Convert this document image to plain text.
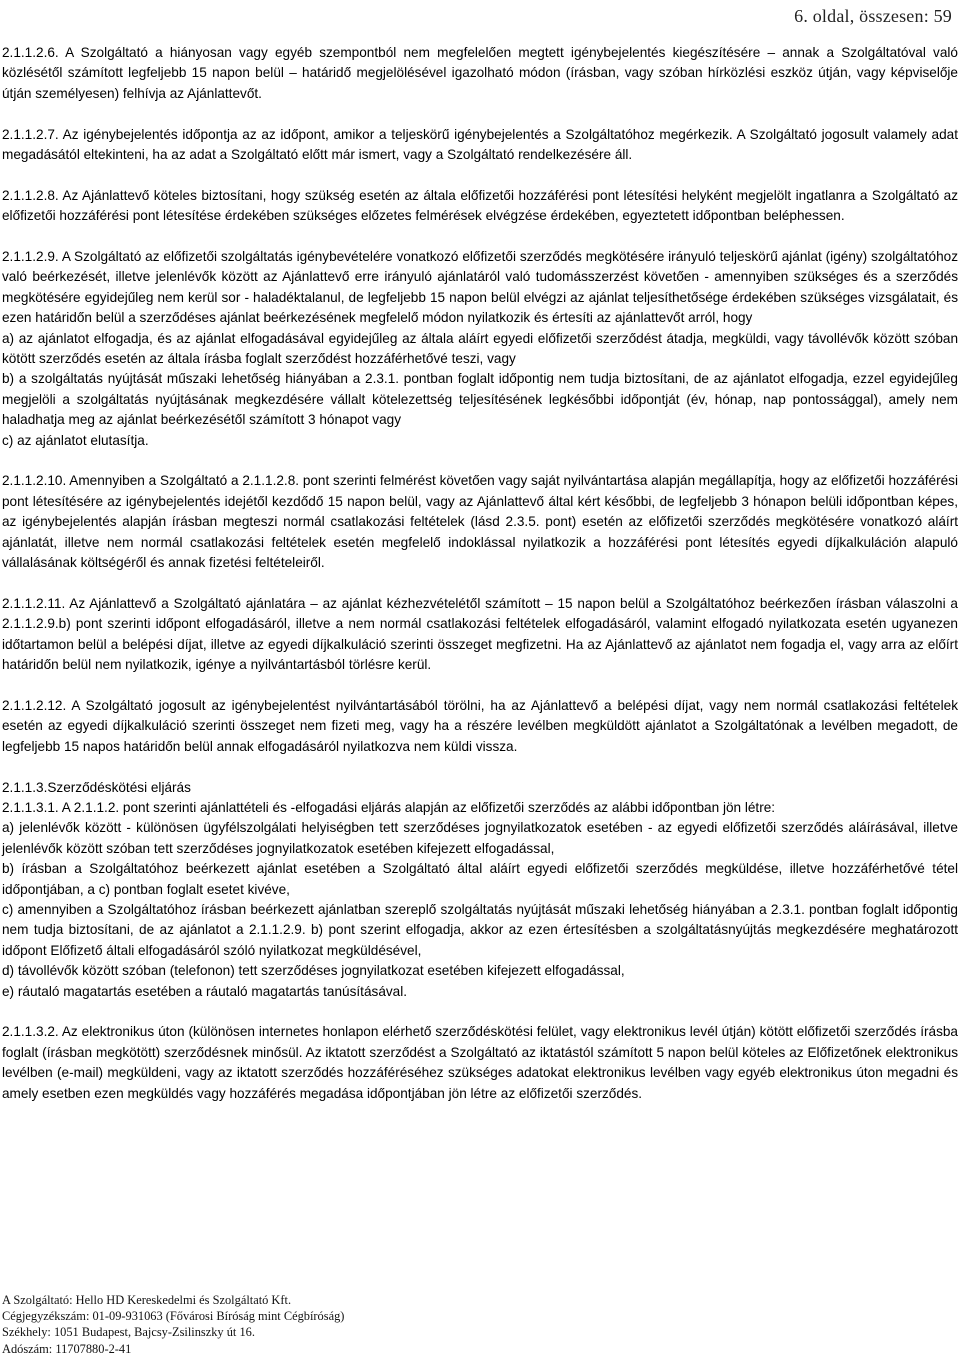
6. oldal, összesen: 59

2.1.1.2.6. A Szolgáltató a hiányosan vagy egyéb szempontból nem megfelelően megtett igénybejelentés kiegészítésére – annak a Szolgáltatóval való közlésétől számított legfeljebb 15 napon belül – határidő megjelölésével igazolható módon (írásban, vagy szóban hírközlési eszköz útján, vagy képviselője útján személyesen) felhívja az Ajánlattevőt.

2.1.1.2.7. Az igénybejelentés időpontja az az időpont, amikor a teljeskörű igénybejelentés a Szolgáltatóhoz megérkezik. A Szolgáltató jogosult valamely adat megadásától eltekinteni, ha az adat a Szolgáltató előtt már ismert, vagy a Szolgáltató rendelkezésére áll.

2.1.1.2.8. Az Ajánlattevő köteles biztosítani, hogy szükség esetén az általa előfizetői hozzáférési pont létesítési helyként megjelölt ingatlanra a Szolgáltató az előfizetői hozzáférési pont létesítése érdekében szükséges előzetes felmérések elvégzése érdekében, egyeztetett időpontban beléphessen.

2.1.1.2.9. A Szolgáltató az előfizetői szolgáltatás igénybevételére vonatkozó előfizetői szerződés megkötésére irányuló teljeskörű ajánlat (igény) szolgáltatóhoz való beérkezését, illetve jelenlévők között az Ajánlattevő erre irányuló ajánlatáról való tudomásszerzést követően - amennyiben szükséges és a szerződés megkötésére egyidejűleg nem kerül sor - haladéktalanul, de legfeljebb 15 napon belül elvégzi az ajánlat teljesíthetősége érdekében szükséges vizsgálatait, és ezen határidőn belül a szerződéses ajánlat beérkezésének megfelelő módon nyilatkozik és értesíti az ajánlattevőt arról, hogy

a) az ajánlatot elfogadja, és az ajánlat elfogadásával egyidejűleg az általa aláírt egyedi előfizetői szerződést átadja, megküldi, vagy távollévők között szóban kötött szerződés esetén az általa írásba foglalt szerződést hozzáférhetővé teszi, vagy

b) a szolgáltatás nyújtását műszaki lehetőség hiányában a 2.3.1. pontban foglalt időpontig nem tudja biztosítani, de az ajánlatot elfogadja, ezzel egyidejűleg megjelöli a szolgáltatás nyújtásának megkezdésére vállalt kötelezettség teljesítésének legkésőbbi időpontját (év, hónap, nap pontossággal), amely nem haladhatja meg az ajánlat beérkezésétől számított 3 hónapot vagy

c) az ajánlatot elutasítja.

2.1.1.2.10. Amennyiben a Szolgáltató a 2.1.1.2.8. pont szerinti felmérést követően vagy saját nyilvántartása alapján megállapítja, hogy az előfizetői hozzáférési pont létesítésére az igénybejelentés idejétől kezdődő 15 napon belül, vagy az Ajánlattevő által kért későbbi, de legfeljebb 3 hónapon belüli időpontban képes, az igénybejelentés alapján írásban megteszi normál csatlakozási feltételek (lásd 2.3.5. pont) esetén az előfizetői szerződés megkötésére vonatkozó aláírt ajánlatát, illetve nem normál csatlakozási feltételek esetén megfelelő indoklással nyilatkozik a hozzáférési pont létesítés egyedi díjkalkuláción alapuló vállalásának költségéről és annak fizetési feltételeiről.

2.1.1.2.11. Az Ajánlattevő a Szolgáltató ajánlatára – az ajánlat kézhezvételétől számított – 15 napon belül a Szolgáltatóhoz beérkezően írásban válaszolni a 2.1.1.2.9.b) pont szerinti időpont elfogadásáról, illetve a nem normál csatlakozási feltételek elfogadásáról, valamint elfogadó nyilatkozata esetén ugyanezen időtartamon belül a belépési díjat, illetve az egyedi díjkalkuláció szerinti összeget megfizetni. Ha az Ajánlattevő az ajánlatot nem fogadja el, vagy arra az előírt határidőn belül nem nyilatkozik, igénye a nyilvántartásból törlésre kerül.

2.1.1.2.12. A Szolgáltató jogosult az igénybejelentést nyilvántartásából törölni, ha az Ajánlattevő a belépési díjat, vagy nem normál csatlakozási feltételek esetén az egyedi díjkalkuláció szerinti összeget nem fizeti meg, vagy ha a részére levélben megküldött ajánlatot a Szolgáltatónak a levélben megadott, de legfeljebb 15 napos határidőn belül annak elfogadásáról nyilatkozva nem küldi vissza.

2.1.1.3.Szerződéskötési eljárás

2.1.1.3.1. A 2.1.1.2. pont szerinti ajánlattételi és -elfogadási eljárás alapján az előfizetői szerződés az alábbi időpontban jön létre:

a) jelenlévők között - különösen ügyfélszolgálati helyiségben tett szerződéses jognyilatkozatok esetében - az egyedi előfizetői szerződés aláírásával, illetve jelenlévők között szóban tett szerződéses jognyilatkozatok esetében kifejezett elfogadással,

b) írásban a Szolgáltatóhoz beérkezett ajánlat esetében a Szolgáltató által aláírt egyedi előfizetői szerződés megküldése, illetve hozzáférhetővé tétel időpontjában, a c) pontban foglalt esetet kivéve,

c) amennyiben a Szolgáltatóhoz írásban beérkezett ajánlatban szereplő szolgáltatás nyújtását műszaki lehetőség hiányában a 2.3.1. pontban foglalt időpontig nem tudja biztosítani, de az ajánlatot a 2.1.1.2.9. b) pont szerint elfogadja, akkor az ezen értesítésben a szolgáltatásnyújtás megkezdésére meghatározott időpont Előfizető általi elfogadásáról szóló nyilatkozat megküldésével,

d) távollévők között szóban (telefonon) tett szerződéses jognyilatkozat esetében kifejezett elfogadással,

e) ráutaló magatartás esetében a ráutaló magatartás tanúsításával.

2.1.1.3.2. Az elektronikus úton (különösen internetes honlapon elérhető szerződéskötési felület, vagy elektronikus levél útján) kötött előfizetői szerződés írásba foglalt (írásban megkötött) szerződésnek minősül. Az iktatott szerződést a Szolgáltató az iktatástól számított 5 napon belül köteles az Előfizetőnek elektronikus levélben (e-mail) megküldeni, vagy az iktatott szerződés hozzáféréséhez szükséges adatokat elektronikus levélben vagy egyéb elektronikus úton megadni és amely esetben ezen megküldés vagy hozzáférés megadása időpontjában jön létre az előfizetői szerződés.

A Szolgáltató: Hello HD Kereskedelmi és Szolgáltató Kft.
Cégjegyzékszám: 01-09-931063 (Fővárosi Bíróság mint Cégbíróság)
Székhely: 1051 Budapest, Bajcsy-Zsilinszky út 16.
Adószám: 11707880-2-41
